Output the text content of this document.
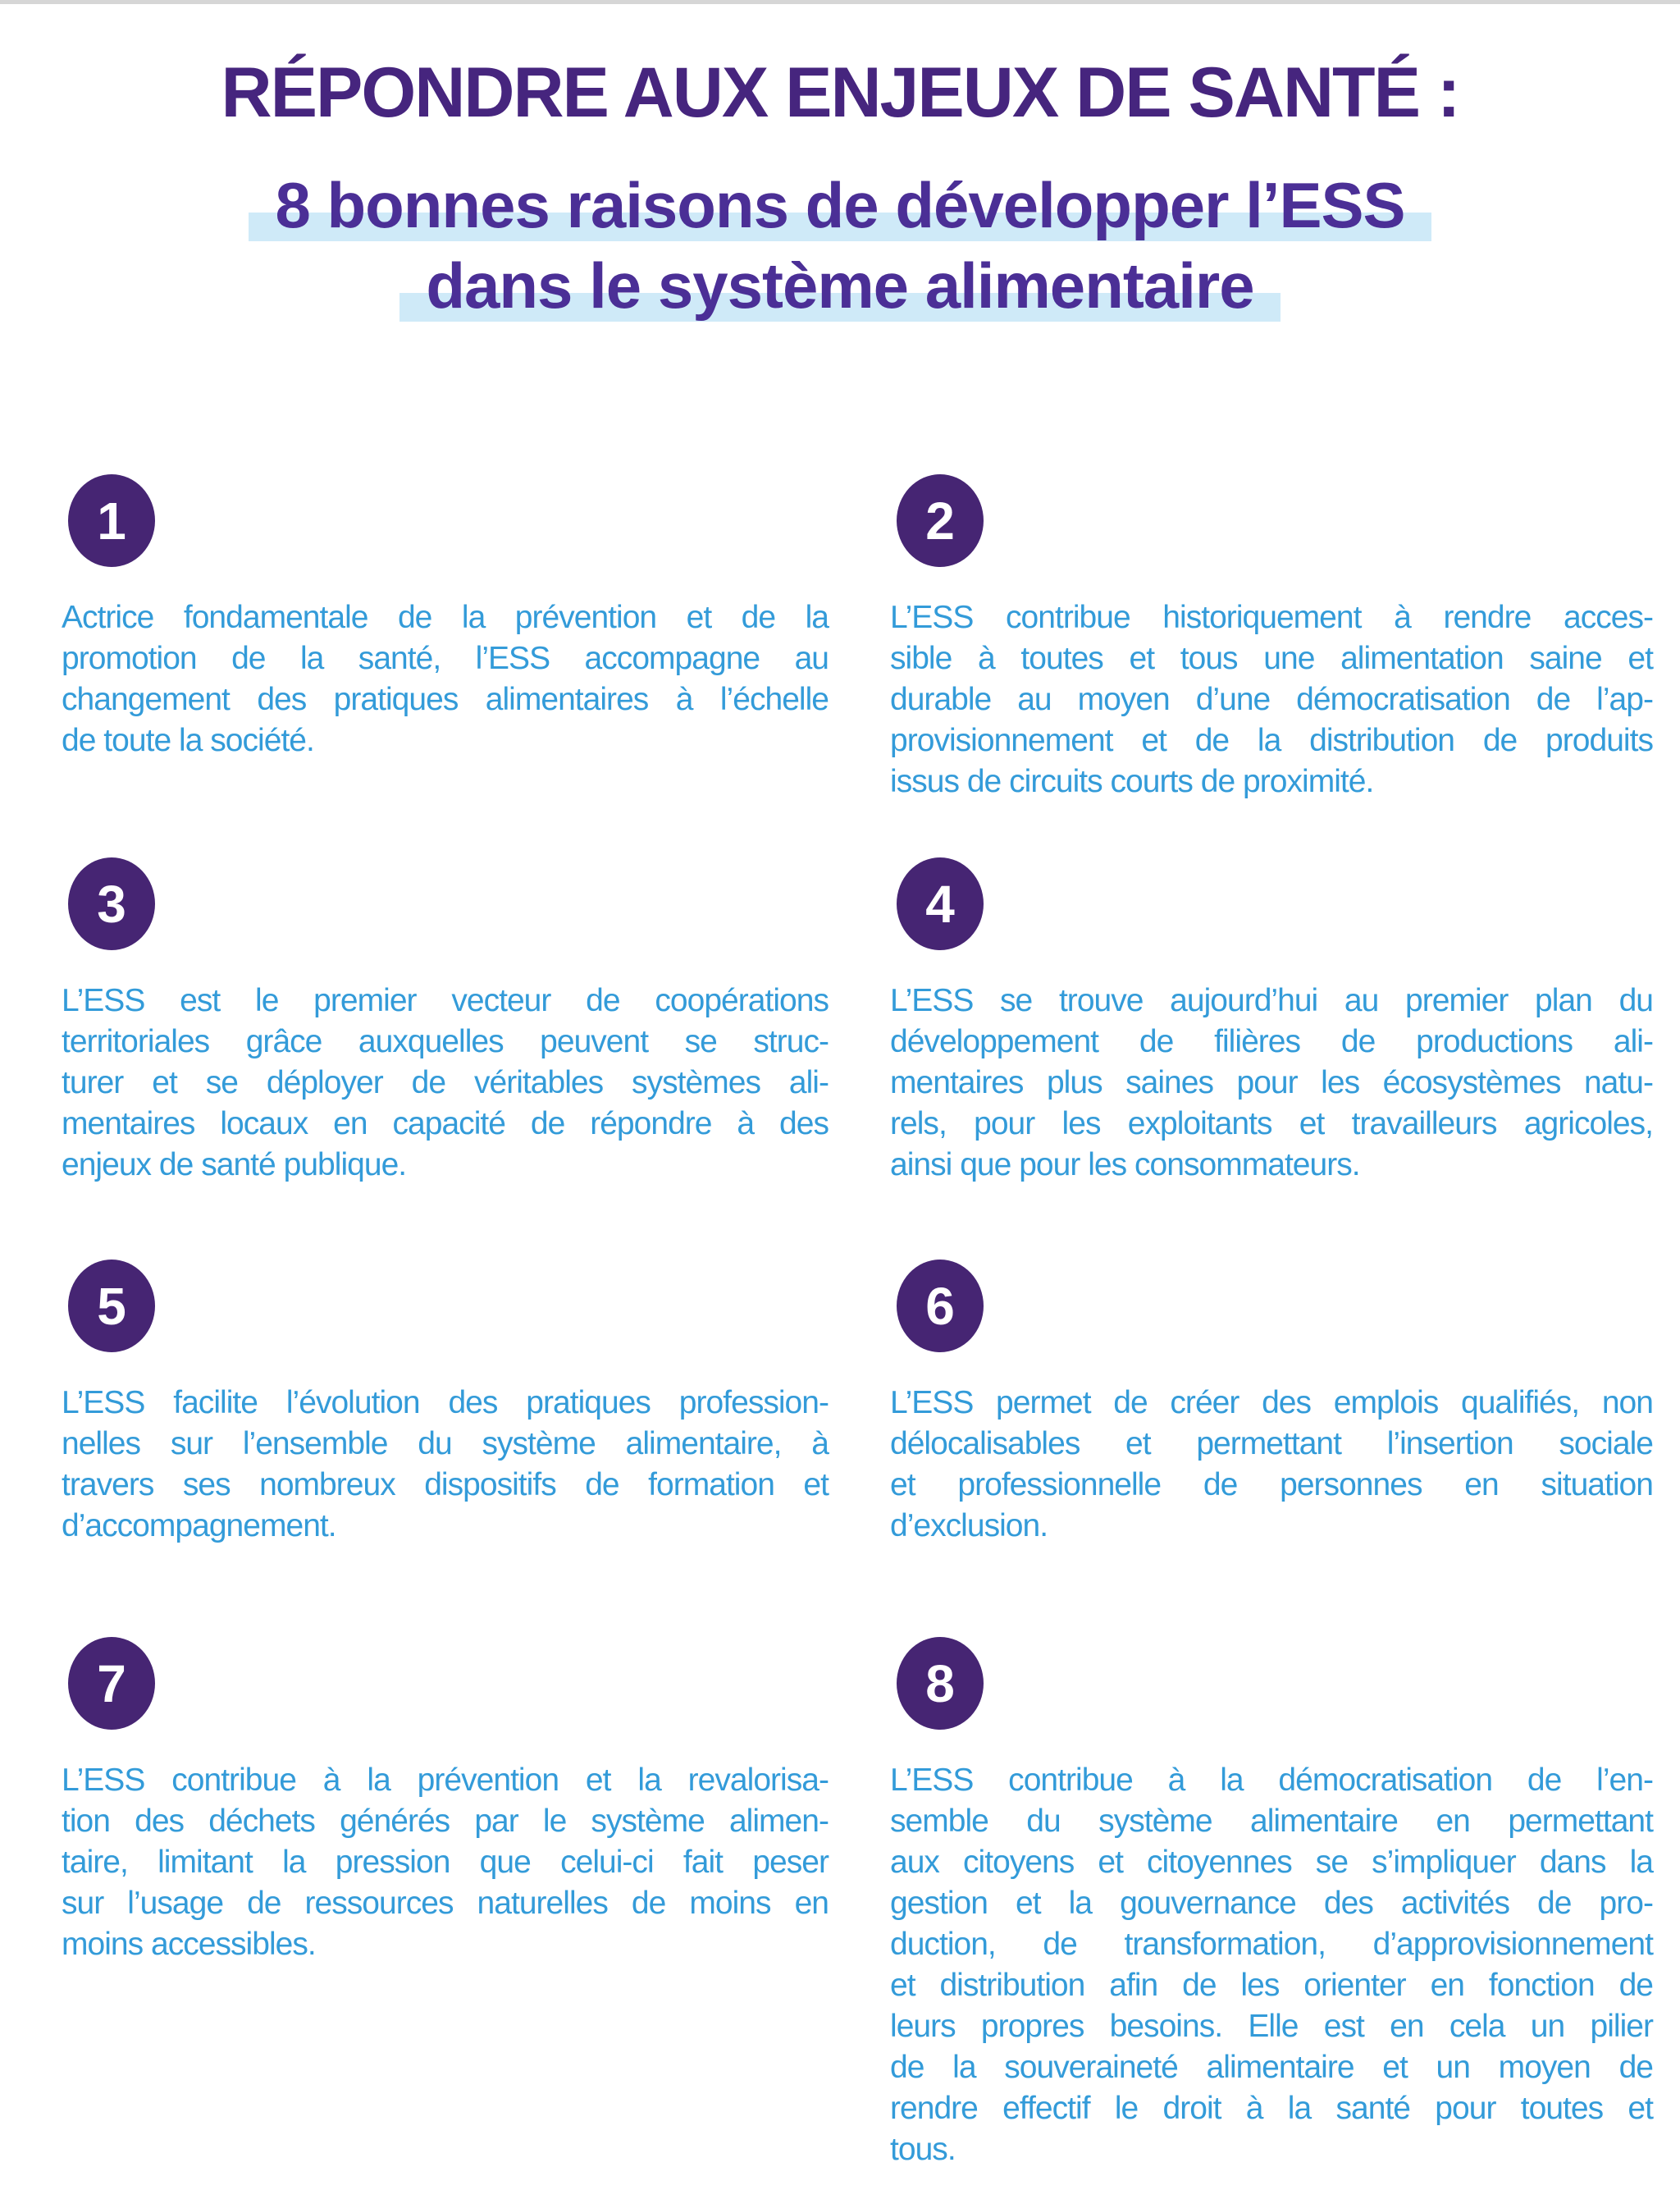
RÉPONDRE AUX ENJEUX DE SANTÉ :
8 bonnes raisons de développer l’ESS
dans le système alimentaire
1
Actrice fondamentale de la prévention et de la
promotion de la santé, l’ESS accompagne au
changement des pratiques alimentaires à l’échelle
de toute la société.
2
L’ESS contribue historiquement à rendre acces-
sible à toutes et tous une alimentation saine et
durable au moyen d’une démocratisation de l’ap-
provisionnement et de la distribution de produits
issus de circuits courts de proximité.
3
L’ESS est le premier vecteur de coopérations
territoriales grâce auxquelles peuvent se struc-
turer et se déployer de véritables systèmes ali-
mentaires locaux en capacité de répondre à des
enjeux de santé publique.
4
L’ESS se trouve aujourd’hui au premier plan du
développement de filières de productions ali-
mentaires plus saines pour les écosystèmes natu-
rels, pour les exploitants et travailleurs agricoles,
ainsi que pour les consommateurs.
5
L’ESS facilite l’évolution des pratiques profession-
nelles sur l’ensemble du système alimentaire, à
travers ses nombreux dispositifs de formation et
d’accompagnement.
6
L’ESS permet de créer des emplois qualifiés, non
délocalisables et permettant l’insertion sociale
et professionnelle de personnes en situation
d’exclusion.
7
L’ESS contribue à la prévention et la revalorisa-
tion des déchets générés par le système alimen-
taire, limitant la pression que celui-ci fait peser
sur l’usage de ressources naturelles de moins en
moins accessibles.
8
L’ESS contribue à la démocratisation de l’en-
semble du système alimentaire en permettant
aux citoyens et citoyennes se s’impliquer dans la
gestion et la gouvernance des activités de pro-
duction, de transformation, d’approvisionnement
et distribution afin de les orienter en fonction de
leurs propres besoins. Elle est en cela un pilier
de la souveraineté alimentaire et un moyen de
rendre effectif le droit à la santé pour toutes et
tous.
